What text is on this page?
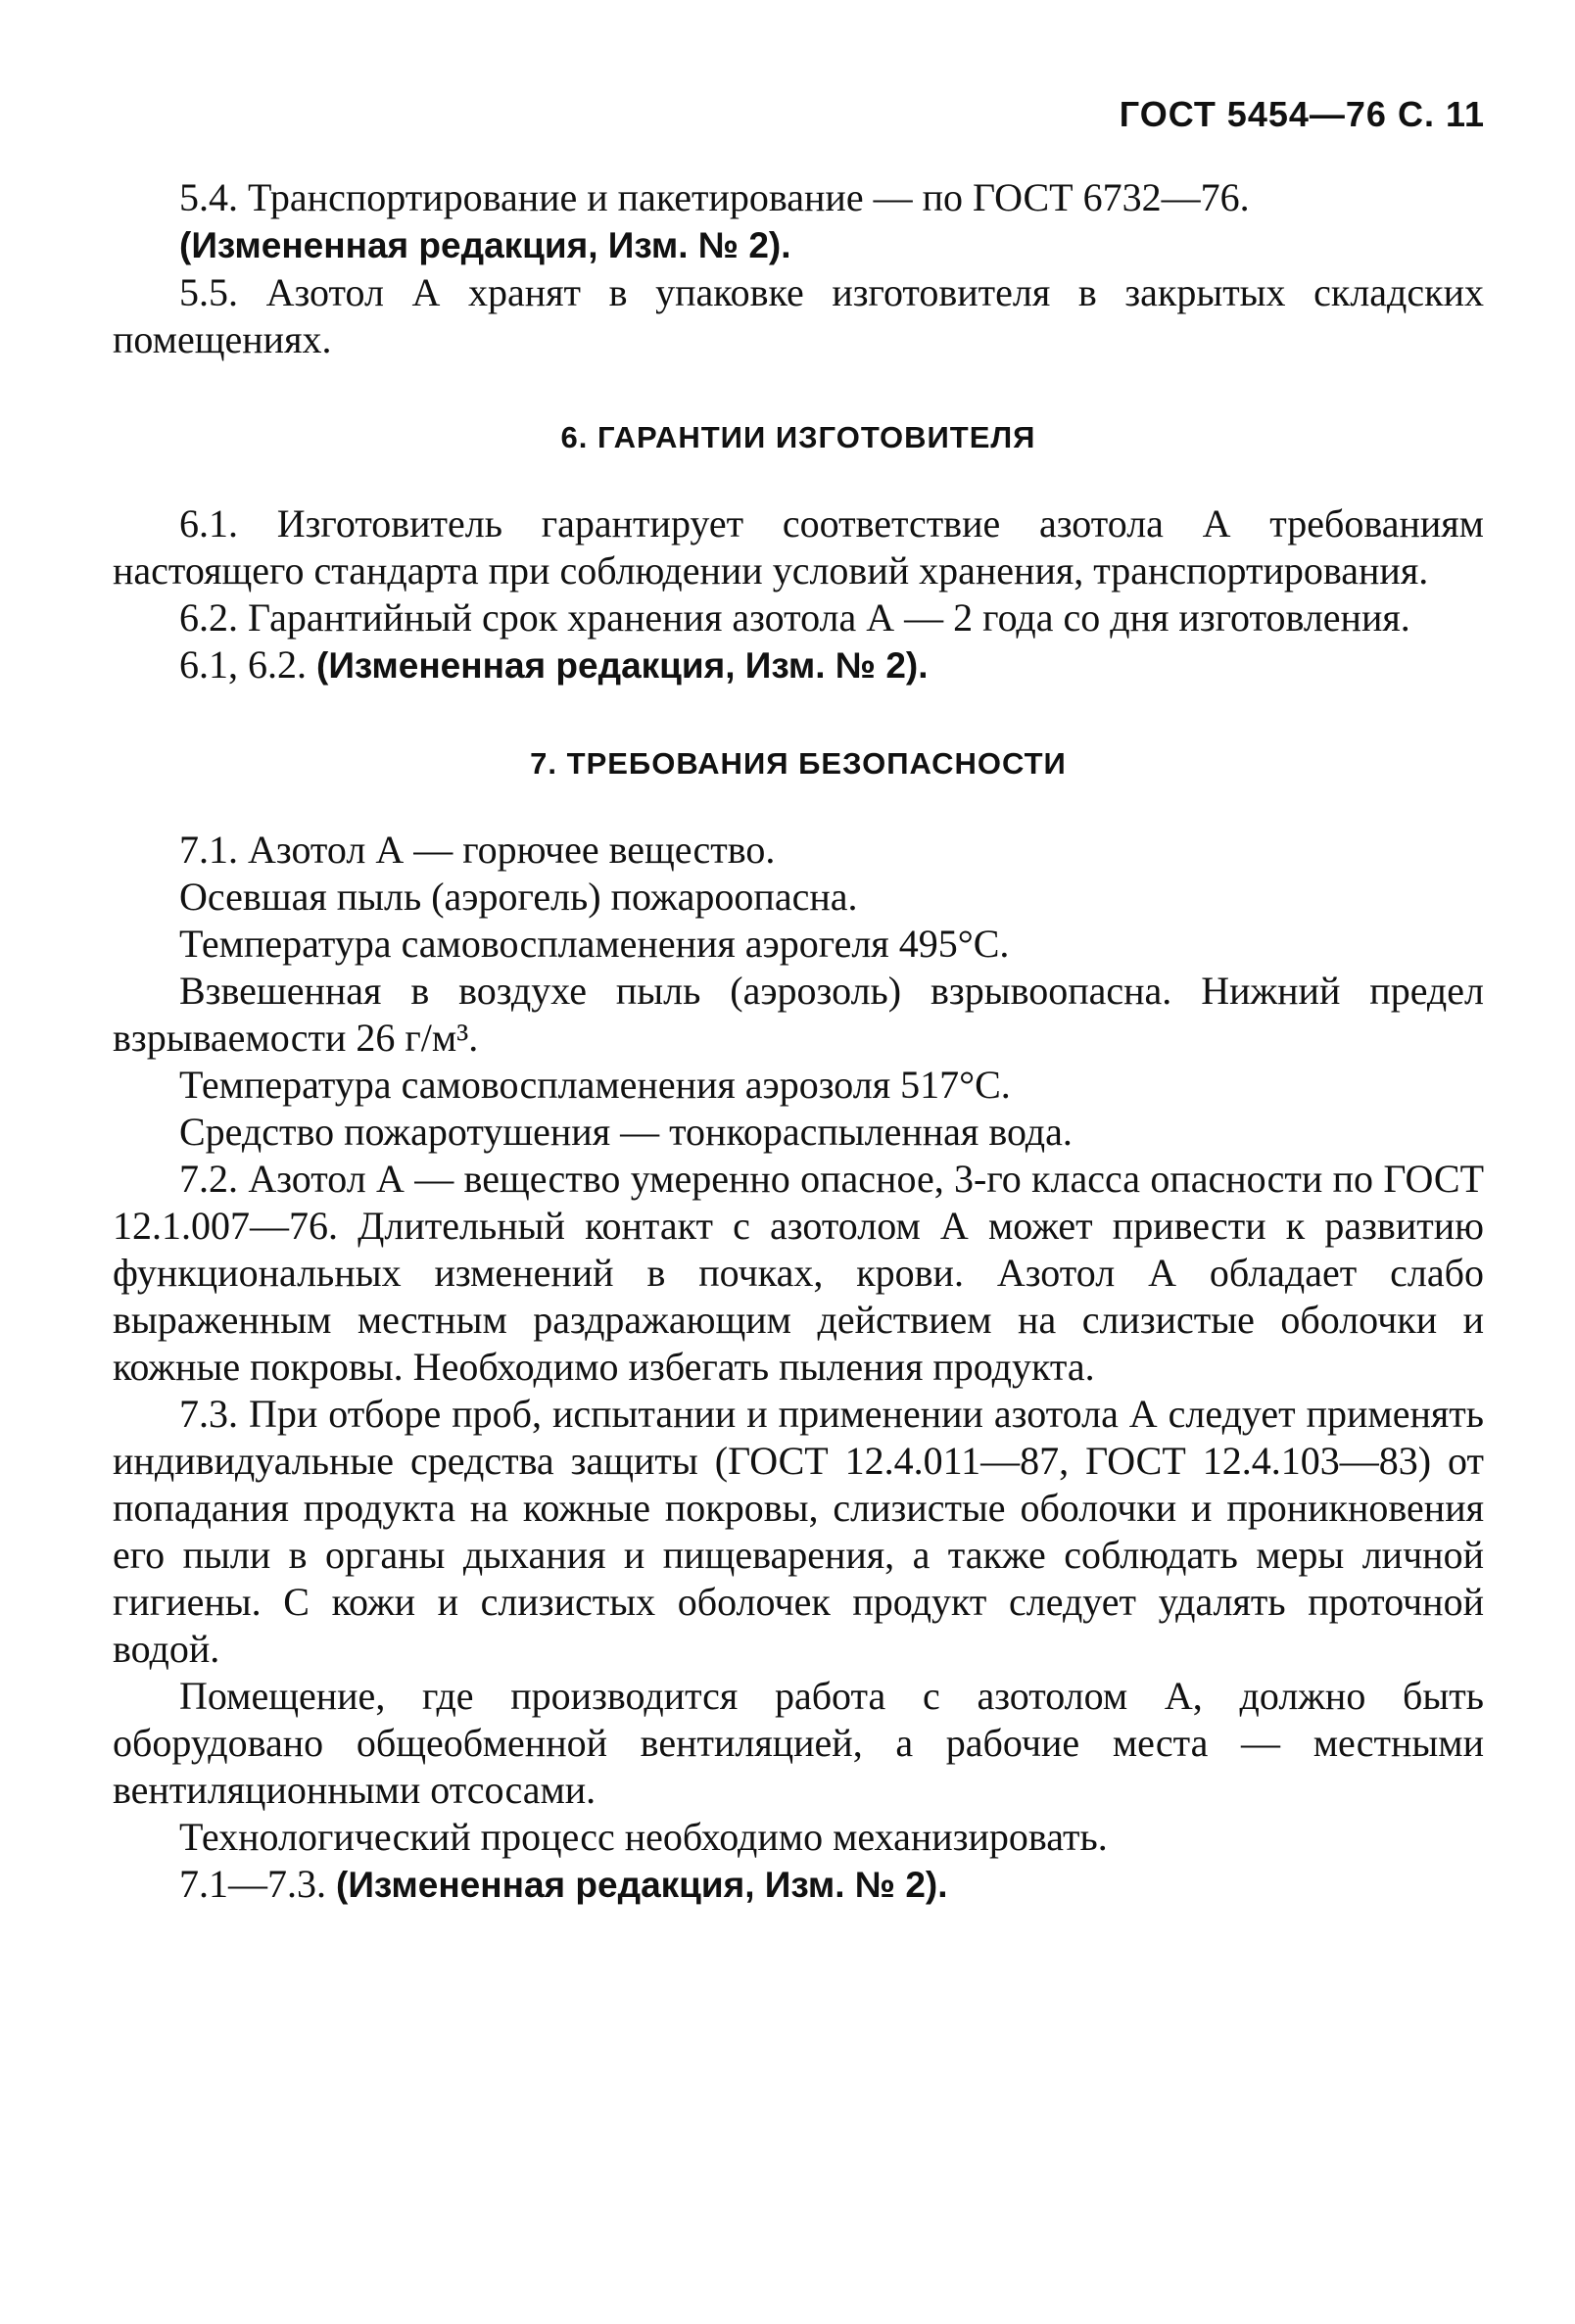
ГОСТ 5454—76 С. 11

5.4. Транспортирование и пакетирование — по ГОСТ 6732—76.

(Измененная редакция, Изм. № 2).

5.5. Азотол А хранят в упаковке изготовителя в закрытых складских помещениях.

6. ГАРАНТИИ ИЗГОТОВИТЕЛЯ

6.1. Изготовитель гарантирует соответствие азотола А требованиям настоящего стандарта при соблюдении условий хранения, транспортирования.

6.2. Гарантийный срок хранения азотола А — 2 года со дня изготовления.

6.1, 6.2. (Измененная редакция, Изм. № 2).

7. ТРЕБОВАНИЯ БЕЗОПАСНОСТИ

7.1. Азотол А — горючее вещество.

Осевшая пыль (аэрогель) пожароопасна.

Температура самовоспламенения аэрогеля 495°С.

Взвешенная в воздухе пыль (аэрозоль) взрывоопасна. Нижний предел взрываемости 26 г/м³.

Температура самовоспламенения аэрозоля 517°С.

Средство пожаротушения — тонкораспыленная вода.

7.2. Азотол А — вещество умеренно опасное, 3-го класса опасности по ГОСТ 12.1.007—76. Длительный контакт с азотолом А может привести к развитию функциональных изменений в почках, крови. Азотол А обладает слабо выраженным местным раздражающим действием на слизистые оболочки и кожные покровы. Необходимо избегать пыления продукта.

7.3. При отборе проб, испытании и применении азотола А следует применять индивидуальные средства защиты (ГОСТ 12.4.011—87, ГОСТ 12.4.103—83) от попадания продукта на кожные покровы, слизистые оболочки и проникновения его пыли в органы дыхания и пищеварения, а также соблюдать меры личной гигиены. С кожи и слизистых оболочек продукт следует удалять проточной водой.

Помещение, где производится работа с азотолом А, должно быть оборудовано общеобменной вентиляцией, а рабочие места — местными вентиляционными отсосами.

Технологический процесс необходимо механизировать.

7.1—7.3. (Измененная редакция, Изм. № 2).
